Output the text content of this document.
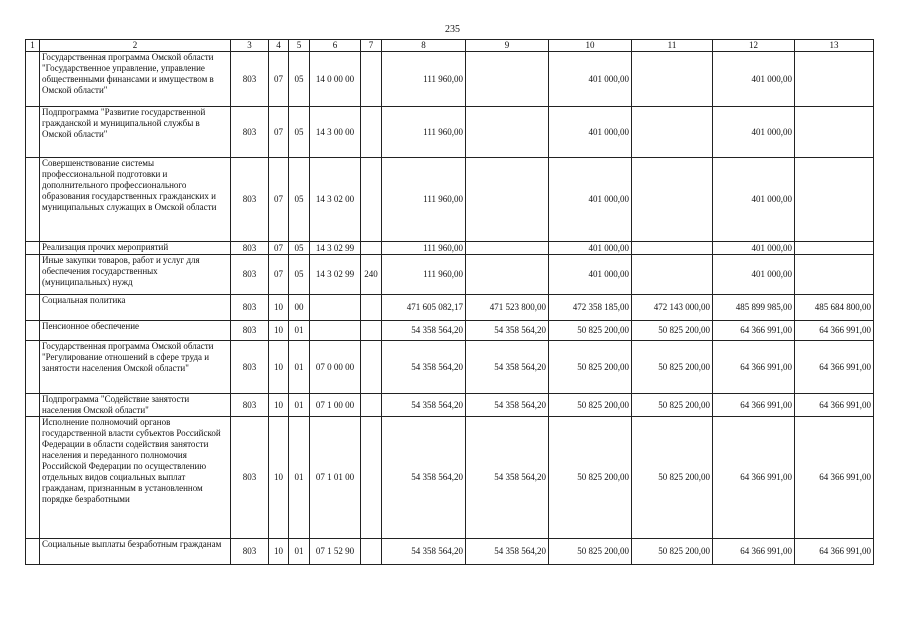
235
1	2	3	4	5	6	7	8	9	10	11	12	13
	Государственная программа Омской области "Государственное управление, управление общественными финансами и имуществом в Омской области"	803	07	05	14 0 00 00		111 960,00		401 000,00		401 000,00	
	Подпрограмма "Развитие государственной гражданской и муниципальной службы в Омской области"	803	07	05	14 3 00 00		111 960,00		401 000,00		401 000,00	
	Совершенствование системы профессиональной подготовки и дополнительного профессионального образования государственных гражданских и муниципальных служащих в Омской области	803	07	05	14 3 02 00		111 960,00		401 000,00		401 000,00	
	Реализация прочих мероприятий	803	07	05	14 3 02 99		111 960,00		401 000,00		401 000,00	
	Иные закупки товаров, работ и услуг для обеспечения государственных (муниципальных) нужд	803	07	05	14 3 02 99	240	111 960,00		401 000,00		401 000,00	
	Социальная политика	803	10	00			471 605 082,17	471 523 800,00	472 358 185,00	472 143 000,00	485 899 985,00	485 684 800,00
	Пенсионное обеспечение	803	10	01			54 358 564,20	54 358 564,20	50 825 200,00	50 825 200,00	64 366 991,00	64 366 991,00
	Государственная программа Омской области "Регулирование отношений в сфере труда и занятости населения Омской области"	803	10	01	07 0 00 00		54 358 564,20	54 358 564,20	50 825 200,00	50 825 200,00	64 366 991,00	64 366 991,00
	Подпрограмма "Содействие занятости населения Омской области"	803	10	01	07 1 00 00		54 358 564,20	54 358 564,20	50 825 200,00	50 825 200,00	64 366 991,00	64 366 991,00
	Исполнение полномочий органов государственной власти субъектов Российской Федерации в области содействия занятости населения и переданного полномочия Российской Федерации по осуществлению отдельных видов социальных выплат гражданам, признанным в установленном порядке безработными	803	10	01	07 1 01 00		54 358 564,20	54 358 564,20	50 825 200,00	50 825 200,00	64 366 991,00	64 366 991,00
	Социальные выплаты безработным гражданам	803	10	01	07 1 52 90		54 358 564,20	54 358 564,20	50 825 200,00	50 825 200,00	64 366 991,00	64 366 991,00
